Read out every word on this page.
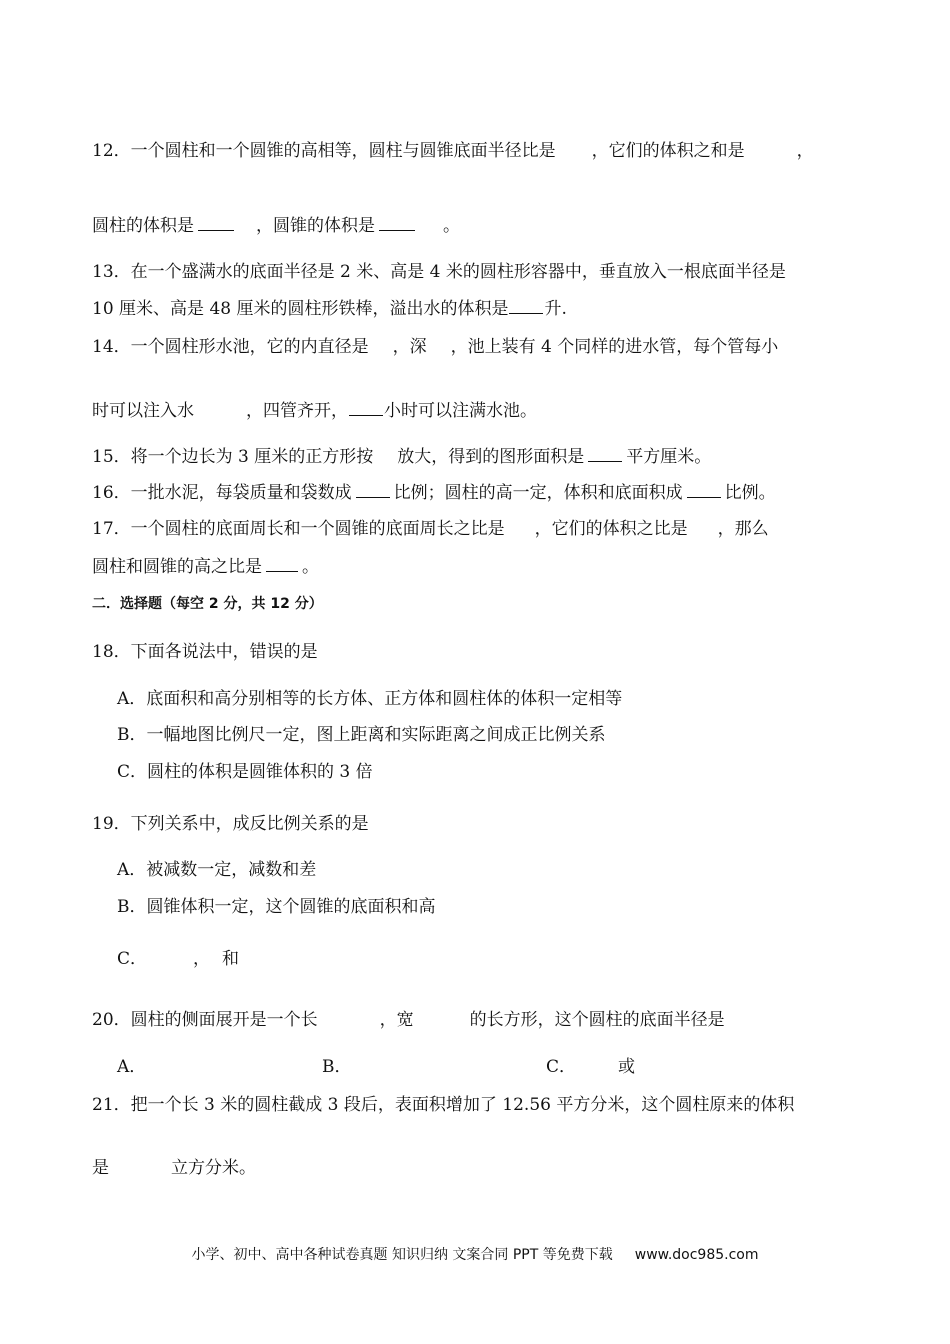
12．一个圆柱和一个圆锥的高相等，圆柱与圆锥底面半径比是 ，它们的体积之和是	，
圆柱的体积是	，圆锥的体积是	。
13．在一个盛满水的底面半径是 2 米、高是 4 米的圆柱形容器中，垂直放入一根底面半径是
10 厘米、高是 48 厘米的圆柱形铁棒，溢出水的体积是 升.
14．一个圆柱形水池，它的内直径是 ，深 ，池上装有 4 个同样的进水管，每个管每小
时可以注入水	，四管齐开， 小时可以注满水池。
15．将一个边长为 3 厘米的正方形按 放大，得到的图形面积是 平方厘米。
16．一批水泥，每袋质量和袋数成 比例；圆柱的高一定，体积和底面积成 比例。
17．一个圆柱的底面周长和一个圆锥的底面周长之比是 ，它们的体积之比是 ，那么
圆柱和圆锥的高之比是 。
二．选择题（每空 2 分，共 12 分）
18．下面各说法中，错误的是
A．底面积和高分别相等的长方体、正方体和圆柱体的体积一定相等
B．一幅地图比例尺一定，图上距离和实际距离之间成正比例关系
C．圆柱的体积是圆锥体积的 3 倍
19．下列关系中，成反比例关系的是
A．被减数一定，减数和差
B．圆锥体积一定，这个圆锥的底面积和高
C．	， 和
20．圆柱的侧面展开是一个长	，宽	的长方形，这个圆柱的底面半径是
A．	B．	C． 或
21．把一个长 3 米的圆柱截成 3 段后，表面积增加了 12.56 平方分米，这个圆柱原来的体积
是	立方分米。
小学、初中、高中各种试卷真题 知识归纳 文案合同 PPT 等免费下载 www.doc985.com
